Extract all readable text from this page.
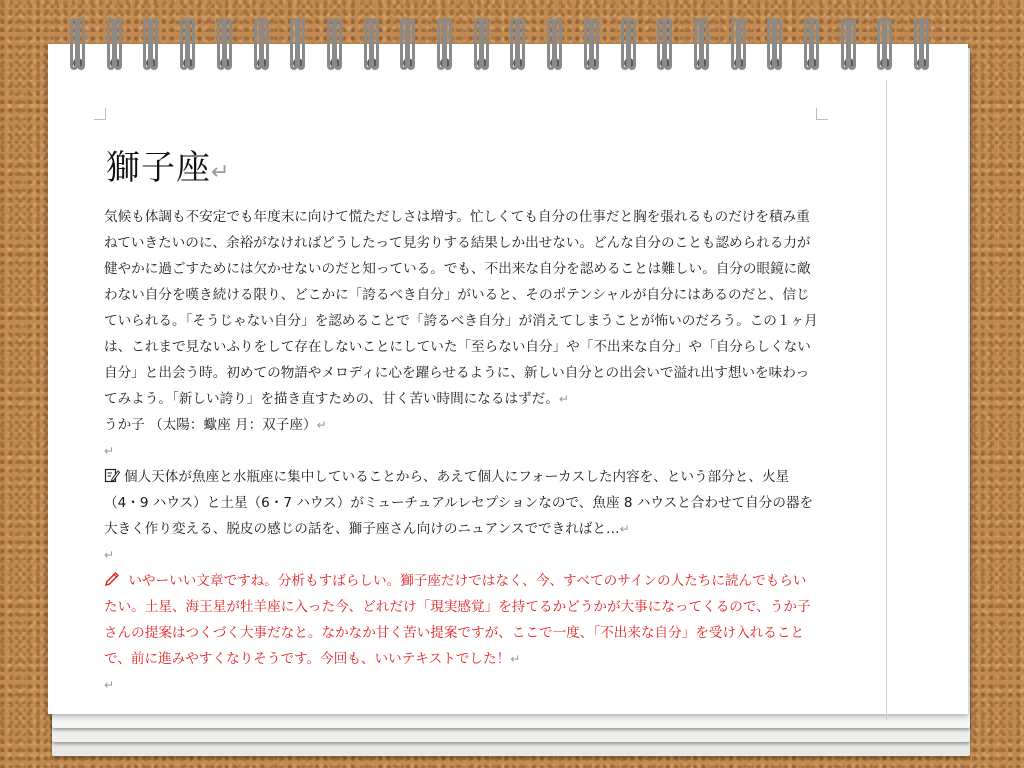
獅子座↵

気候も体調も不安定でも年度末に向けて慌ただしさは増す。忙しくても自分の仕事だと胸を張れるものだけを積み重ねていきたいのに、余裕がなければどうしたって見劣りする結果しか出せない。どんな自分のことも認められる力が健やかに過ごすためには欠かせないのだと知っている。でも、不出来な自分を認めることは難しい。自分の眼鏡に敵わない自分を嘆き続ける限り、どこかに「誇るべき自分」がいると、そのポテンシャルが自分にはあるのだと、信じていられる。「そうじゃない自分」を認めることで「誇るべき自分」が消えてしまうことが怖いのだろう。この１ヶ月は、これまで見ないふりをして存在しないことにしていた「至らない自分」や「不出来な自分」や「自分らしくない自分」と出会う時。初めての物語やメロディに心を躍らせるように、新しい自分との出会いで溢れ出す想いを味わってみよう。「新しい誇り」を描き直すための、甘く苦い時間になるはずだ。↵

うか子 （太陽：蠍座 月：双子座）↵

↵

個人天体が魚座と水瓶座に集中していることから、あえて個人にフォーカスした内容を、という部分と、火星（4・9 ハウス）と土星（6・7 ハウス）がミューチュアルレセプションなので、魚座 8 ハウスと合わせて自分の器を大きく作り変える、脱皮の感じの話を、獅子座さん向けのニュアンスでできればと…↵

↵

いやーいい文章ですね。分析もすばらしい。獅子座だけではなく、今、すべてのサインの人たちに読んでもらいたい。土星、海王星が牡羊座に入った今、どれだけ「現実感覚」を持てるかどうかが大事になってくるので、うか子さんの提案はつくづく大事だなと。なかなか甘く苦い提案ですが、ここで一度、「不出来な自分」を受け入れることで、前に進みやすくなりそうです。今回も、いいテキストでした！↵

↵
